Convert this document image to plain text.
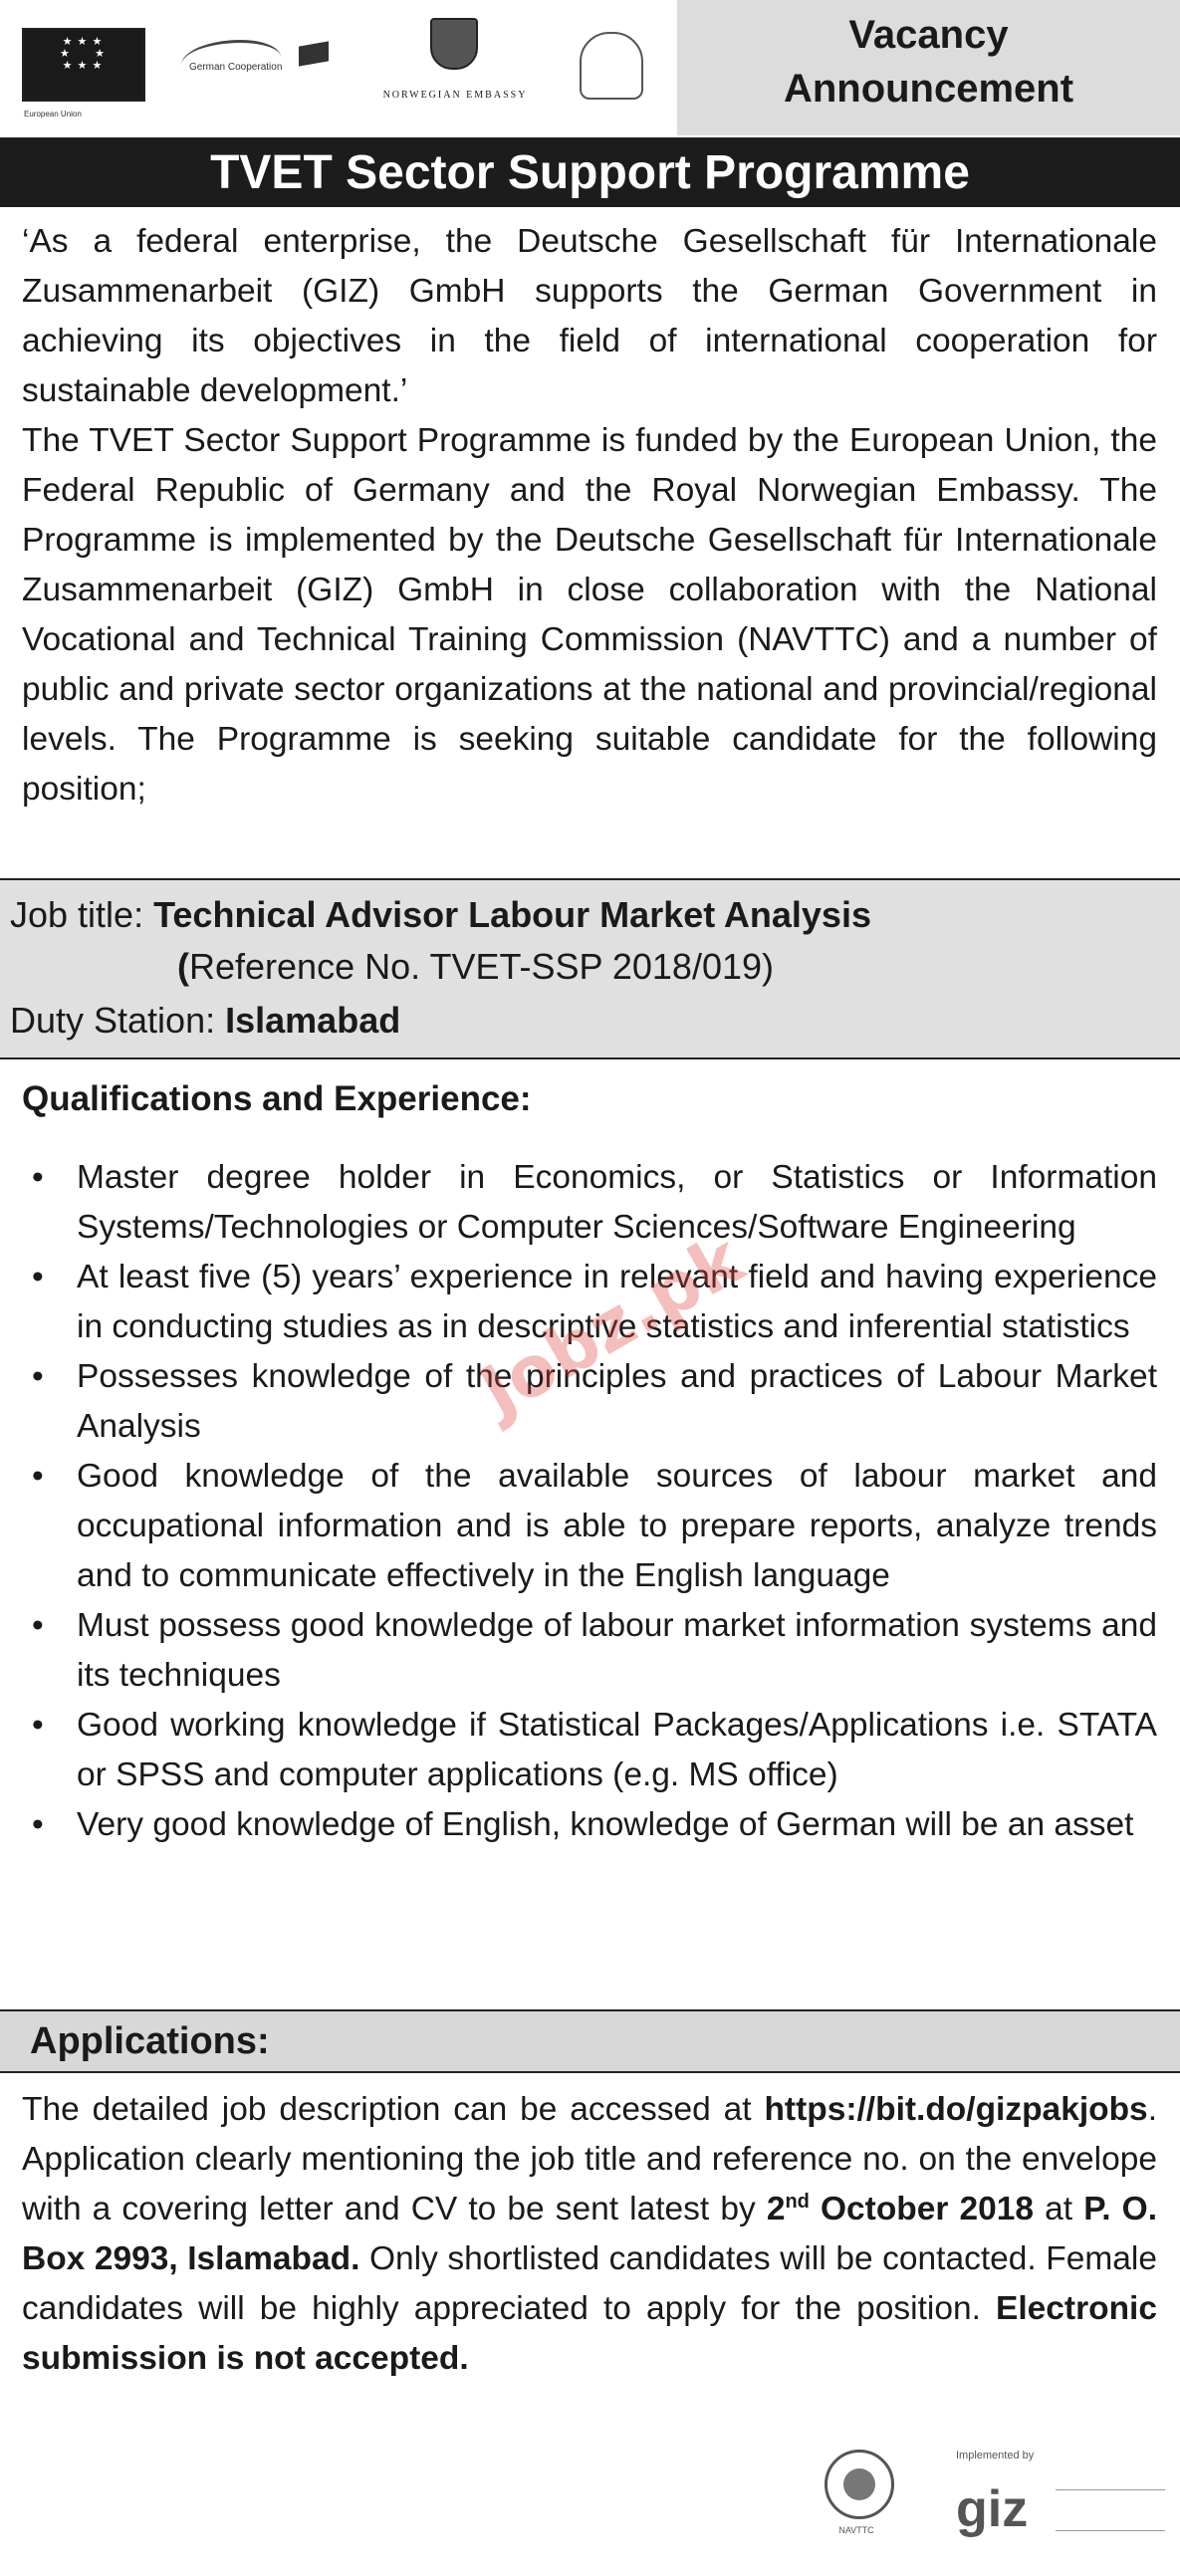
★ ★ ★
★      ★
★ ★ ★
European Union
German Cooperation
NORWEGIAN EMBASSY
Vacancy
Announcement
TVET Sector Support Programme

‘As a federal enterprise, the Deutsche Gesellschaft für Internationale Zusammenarbeit (GIZ) GmbH supports the German Government in achieving its objectives in the field of international cooperation for sustainable development.’

The TVET Sector Support Programme is funded by the European Union, the Federal Republic of Germany and the Royal Norwegian Embassy. The Programme is implemented by the Deutsche Gesellschaft für Internationale Zusammenarbeit (GIZ) GmbH in close collaboration with the National Vocational and Technical Training Commission (NAVTTC) and a number of public and private sector organizations at the national and provincial/regional levels. The Programme is seeking suitable candidate for the following position;

Job title: Technical Advisor Labour Market Analysis
(Reference No. TVET-SSP 2018/019)
Duty Station: Islamabad
Qualifications and Experience:
• Master degree holder in Economics, or Statistics or Information Systems/Technologies or Computer Sciences/Software Engineering
• At least five (5) years’ experience in relevant field and having experience in conducting studies as in descriptive statistics and inferential statistics
• Possesses knowledge of the principles and practices of Labour Market Analysis
• Good knowledge of the available sources of labour market and occupational information and is able to prepare reports, analyze trends and to communicate effectively in the English language
• Must possess good knowledge of labour market information systems and its techniques
• Good working knowledge if Statistical Packages/Applications i.e. STATA or SPSS and computer applications (e.g. MS office)
• Very good knowledge of English, knowledge of German will be an asset
Jobz.pk
Applications:

The detailed job description can be accessed at https://bit.do/gizpakjobs. Application clearly mentioning the job title and reference no. on the envelope with a covering letter and CV to be sent latest by 2nd October 2018 at P. O. Box 2993, Islamabad. Only shortlisted candidates will be contacted. Female candidates will be highly appreciated to apply for the position. Electronic submission is not accepted.

NAVTTC
Implemented by
giz
